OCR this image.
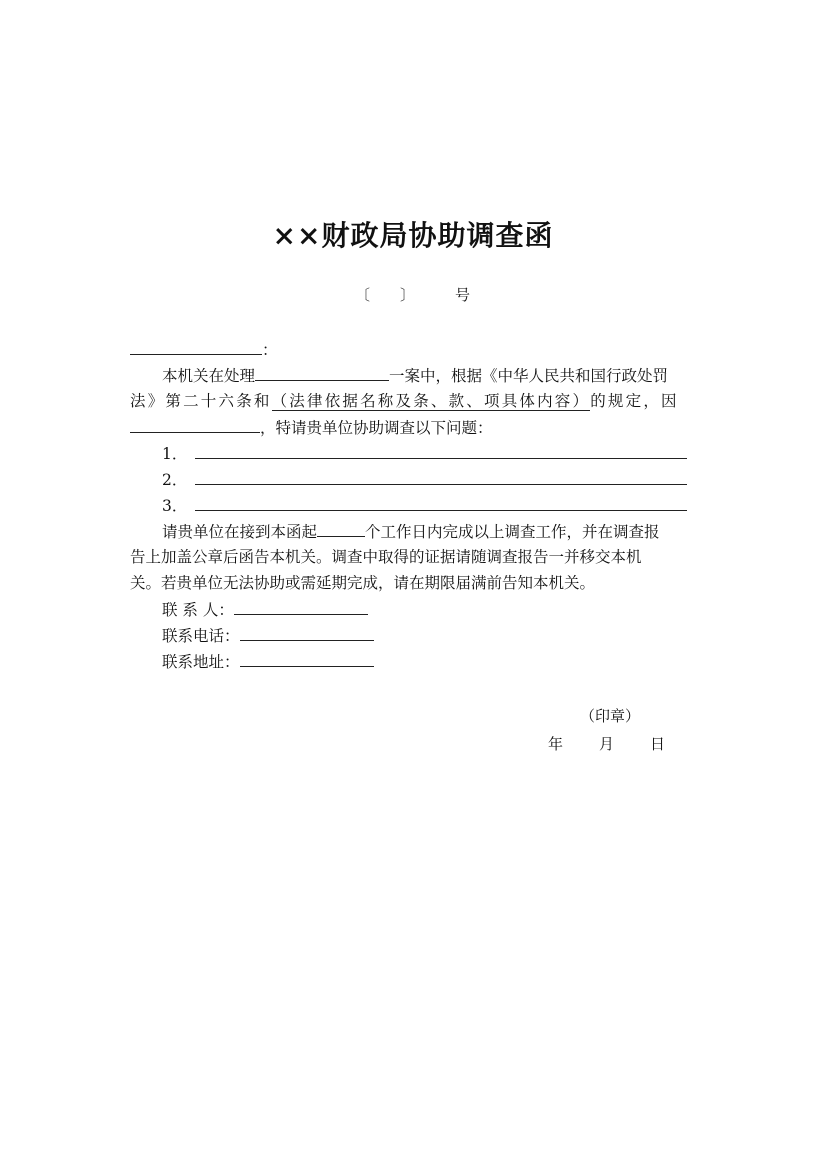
××财政局协助调查函
〔 〕	号
：
本机关在处理	一案中，根据《中华人民共和国行政处罚
法》第二十六条和（法律依据名称及条、款、项具体内容）的规定，因
，特请贵单位协助调查以下问题：
1．
2．
3．
请贵单位在接到本函起	个工作日内完成以上调查工作，并在调查报
告上加盖公章后函告本机关。调查中取得的证据请随调查报告一并移交本机
关。若贵单位无法协助或需延期完成，请在期限届满前告知本机关。
联 系 人：
联系电话：
联系地址：
（印章）
年 月 日
